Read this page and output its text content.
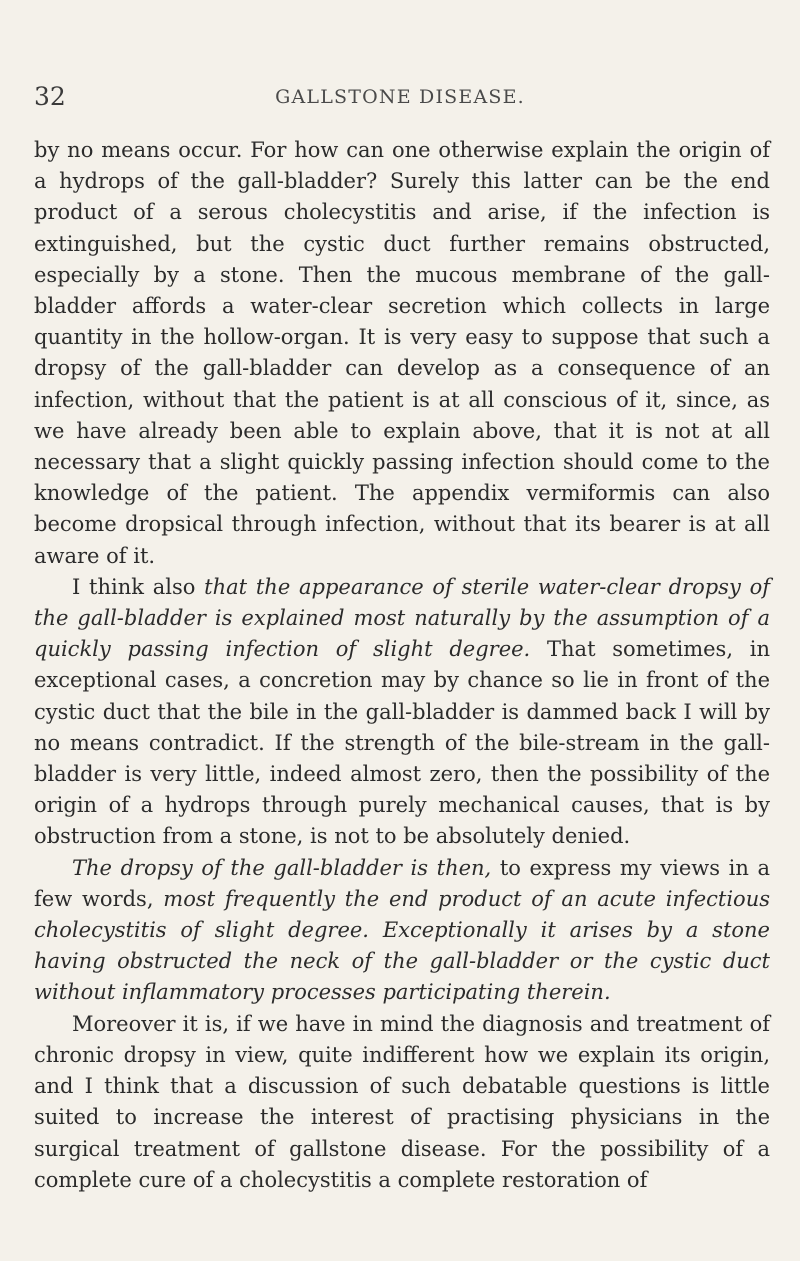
32	GALLSTONE DISEASE.

by no means occur. For how can one otherwise explain the origin of a hydrops of the gall-bladder? Surely this latter can be the end product of a serous cholecystitis and arise, if the infection is extinguished, but the cystic duct further remains obstructed, especially by a stone. Then the mucous membrane of the gall-bladder affords a water-clear secretion which collects in large quantity in the hollow-organ. It is very easy to suppose that such a dropsy of the gall-bladder can develop as a consequence of an infection, without that the patient is at all conscious of it, since, as we have already been able to explain above, that it is not at all necessary that a slight quickly passing infection should come to the knowledge of the patient. The appendix vermiformis can also become dropsical through infection, without that its bearer is at all aware of it.

I think also that the appearance of sterile water-clear dropsy of the gall-bladder is explained most naturally by the assumption of a quickly passing infection of slight degree. That sometimes, in exceptional cases, a concretion may by chance so lie in front of the cystic duct that the bile in the gall-bladder is dammed back I will by no means contradict. If the strength of the bile-stream in the gall-bladder is very little, indeed almost zero, then the possibility of the origin of a hydrops through purely mechanical causes, that is by obstruction from a stone, is not to be absolutely denied.

The dropsy of the gall-bladder is then, to express my views in a few words, most frequently the end product of an acute infectious cholecystitis of slight degree. Exceptionally it arises by a stone having obstructed the neck of the gall-bladder or the cystic duct without inflammatory processes participating therein.

Moreover it is, if we have in mind the diagnosis and treatment of chronic dropsy in view, quite indifferent how we explain its origin, and I think that a discussion of such debatable questions is little suited to increase the interest of practising physicians in the surgical treatment of gallstone disease. For the possibility of a complete cure of a cholecystitis a complete restoration of
